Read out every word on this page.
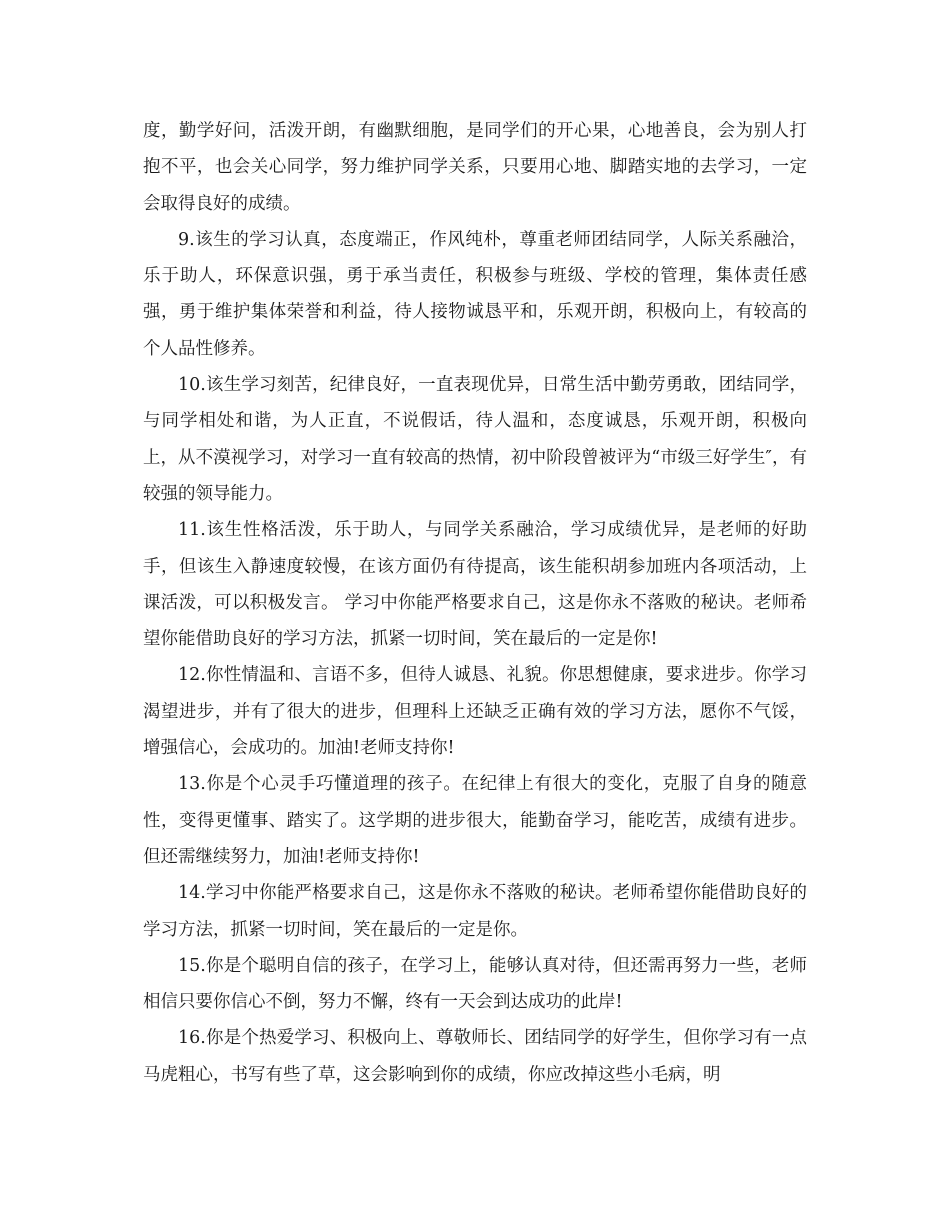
度，勤学好问，活泼开朗，有幽默细胞，是同学们的开心果，心地善良，会为别人打抱不平，也会关心同学，努力维护同学关系，只要用心地、脚踏实地的去学习，一定会取得良好的成绩。

9.该生的学习认真，态度端正，作风纯朴，尊重老师团结同学，人际关系融洽，乐于助人，环保意识强，勇于承当责任，积极参与班级、学校的管理，集体责任感强，勇于维护集体荣誉和利益，待人接物诚恳平和，乐观开朗，积极向上，有较高的个人品性修养。

10.该生学习刻苦，纪律良好，一直表现优异，日常生活中勤劳勇敢，团结同学，与同学相处和谐，为人正直，不说假话，待人温和，态度诚恳，乐观开朗，积极向上，从不漠视学习，对学习一直有较高的热情，初中阶段曾被评为“市级三好学生″，有较强的领导能力。

11.该生性格活泼，乐于助人，与同学关系融洽，学习成绩优异，是老师的好助手，但该生入静速度较慢，在该方面仍有待提高，该生能积胡参加班内各项活动，上课活泼，可以积极发言。 学习中你能严格要求自己，这是你永不落败的秘诀。老师希望你能借助良好的学习方法，抓紧一切时间，笑在最后的一定是你!

12.你性情温和、言语不多，但待人诚恳、礼貌。你思想健康，要求进步。你学习渴望进步，并有了很大的进步，但理科上还缺乏正确有效的学习方法，愿你不气馁，增强信心，会成功的。加油!老师支持你!

13.你是个心灵手巧懂道理的孩子。在纪律上有很大的变化，克服了自身的随意性，变得更懂事、踏实了。这学期的进步很大，能勤奋学习，能吃苦，成绩有进步。但还需继续努力，加油!老师支持你!

14.学习中你能严格要求自己，这是你永不落败的秘诀。老师希望你能借助良好的学习方法，抓紧一切时间，笑在最后的一定是你。

15.你是个聪明自信的孩子，在学习上，能够认真对待，但还需再努力一些，老师相信只要你信心不倒，努力不懈，终有一天会到达成功的此岸!

16.你是个热爱学习、积极向上、尊敬师长、团结同学的好学生，但你学习有一点马虎粗心，书写有些了草，这会影响到你的成绩，你应改掉这些小毛病，明
